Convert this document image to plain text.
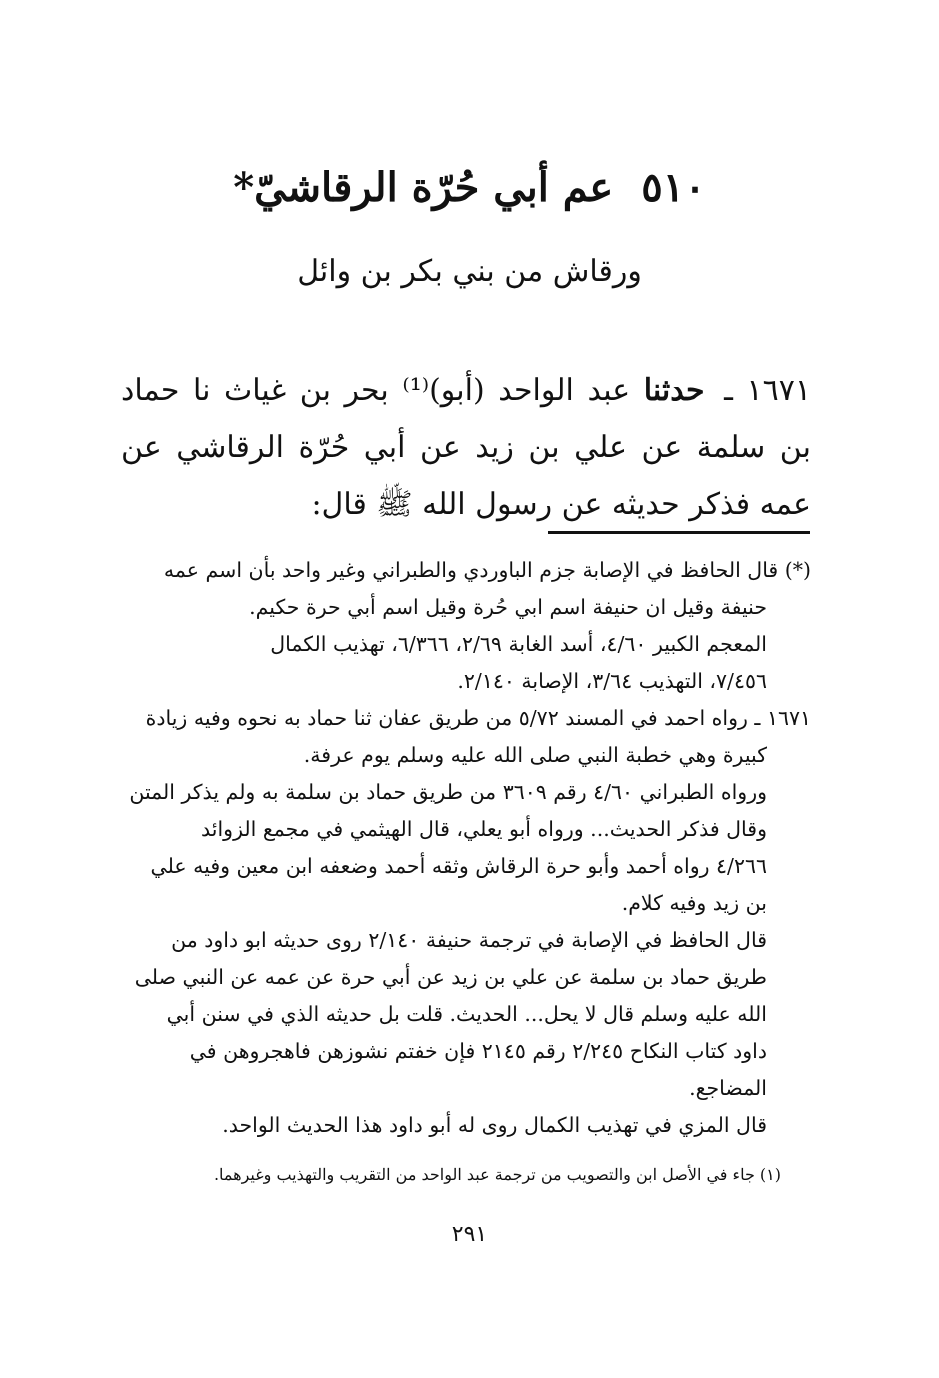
٥١٠عم أبي حُرّة الرقاشيّ*
ورقاش من بني بكر بن وائل
١٦٧١ ـ حدثنا عبد الواحد (أبو)⁽¹⁾ بحر بن غياث نا حماد بن سلمة عن علي بن زيد عن أبي حُرّة الرقاشي عن عمه فذكر حديثه عن رسول الله ﷺ قال:

(*) قال الحافظ في الإصابة جزم الباوردي والطبراني وغير واحد بأن اسم عمه

حنيفة وقيل ان حنيفة اسم ابي حُرة وقيل اسم أبي حرة حكيم.

المعجم الكبير ٤/٦٠، أسد الغابة ٢/٦٩، ٦/٣٦٦، تهذيب الكمال

٧/٤٥٦، التهذيب ٣/٦٤، الإصابة ٢/١٤٠.

١٦٧١ ـ رواه احمد في المسند ٥/٧٢ من طريق عفان ثنا حماد به نحوه وفيه زيادة

كبيرة وهي خطبة النبي صلى الله عليه وسلم يوم عرفة.

ورواه الطبراني ٤/٦٠ رقم ٣٦٠٩ من طريق حماد بن سلمة به ولم يذكر المتن

وقال فذكر الحديث... ورواه أبو يعلي، قال الهيثمي في مجمع الزوائد

٤/٢٦٦ رواه أحمد وأبو حرة الرقاش وثقه أحمد وضعفه ابن معين وفيه علي

بن زيد وفيه كلام.

قال الحافظ في الإصابة في ترجمة حنيفة ٢/١٤٠ روى حديثه ابو داود من

طريق حماد بن سلمة عن علي بن زيد عن أبي حرة عن عمه عن النبي صلى

الله عليه وسلم قال لا يحل... الحديث. قلت بل حديثه الذي في سنن أبي

داود كتاب النكاح ٢/٢٤٥ رقم ٢١٤٥ فإن خفتم نشوزهن فاهجروهن في

المضاجع.

قال المزي في تهذيب الكمال روى له أبو داود هذا الحديث الواحد.

(١) جاء في الأصل ابن والتصويب من ترجمة عبد الواحد من التقريب والتهذيب وغيرهما.
٢٩١
